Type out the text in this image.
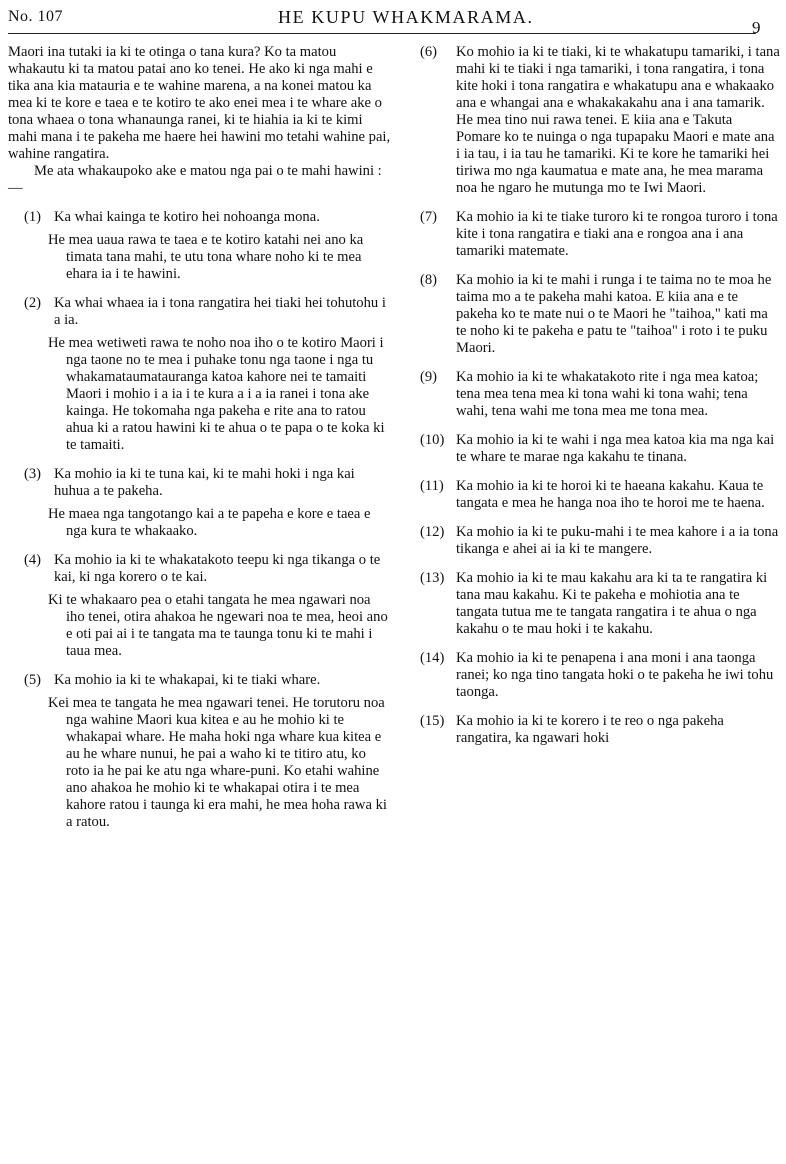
No. 107	HE KUPU WHAKMARAMA.
9

Maori ina tutaki ia ki te otinga o tana kura? Ko ta matou whakautu ki ta matou patai ano ko tenei. He ako ki nga mahi e tika ana kia matauria e te wahine marena, a na konei matou ka mea ki te kore e taea e te kotiro te ako enei mea i te whare ake o tona whaea o tona whanaunga ranei, ki te hiahia ia ki te kimi mahi mana i te pakeha me haere hei hawini mo tetahi wahine pai, wahine rangatira.

Me ata whakaupoko ake e matou nga pai o te mahi hawini :—

(1) Ka whai kainga te kotiro hei nohoanga mona.

He mea uaua rawa te taea e te kotiro katahi nei ano ka timata tana mahi, te utu tona whare noho ki te mea ehara ia i te hawini.

(2) Ka whai whaea ia i tona rangatira hei tiaki hei tohutohu i a ia.

He mea wetiweti rawa te noho noa iho o te kotiro Maori i nga taone no te mea i puhake tonu nga taone i nga tu whakamataumatauranga katoa kahore nei te tamaiti Maori i mohio i a ia i te kura a i a ia ranei i tona ake kainga. He tokomaha nga pakeha e rite ana to ratou ahua ki a ratou hawini ki te ahua o te papa o te koka ki te tamaiti.

(3) Ka mohio ia ki te tuna kai, ki te mahi hoki i nga kai huhua a te pakeha.

He maea nga tangotango kai a te papeha e kore e taea e nga kura te whakaako.

(4) Ka mohio ia ki te whakatakoto teepu ki nga tikanga o te kai, ki nga korero o te kai.

Ki te whakaaro pea o etahi tangata he mea ngawari noa iho tenei, otira ahakoa he ngewari noa te mea, heoi ano e oti pai ai i te tangata ma te taunga tonu ki te mahi i taua mea.

(5) Ka mohio ia ki te whakapai, ki te tiaki whare.

Kei mea te tangata he mea ngawari tenei. He torutoru noa nga wahine Maori kua kitea e au he mohio ki te whakapai whare. He maha hoki nga whare kua kitea e au he whare nunui, he pai a waho ki te titiro atu, ko roto ia he pai ke atu nga whare-puni. Ko etahi wahine ano ahakoa he mohio ki te whakapai otira i te mea kahore ratou i taunga ki era mahi, he mea hoha rawa ki a ratou.

(6) Ko mohio ia ki te tiaki, ki te whakatupu tamariki, i tana mahi ki te tiaki i nga tamariki, i tona rangatira, i tona kite hoki i tona rangatira e whakatupu ana e whakaako ana e whangai ana e whakakakahu ana i ana tamarik. He mea tino nui rawa tenei. E kiia ana e Takuta Pomare ko te nuinga o nga tupapaku Maori e mate ana i ia tau, i ia tau he tamariki. Ki te kore he tamariki hei tiriwa mo nga kaumatua e mate ana, he mea marama noa he ngaro he mutunga mo te Iwi Maori.

(7) Ka mohio ia ki te tiake turoro ki te rongoa turoro i tona kite i tona rangatira e tiaki ana e rongoa ana i ana tamariki matemate.

(8) Ka mohio ia ki te mahi i runga i te taima no te moa he taima mo a te pakeha mahi katoa. E kiia ana e te pakeha ko te mate nui o te Maori he "taihoa," kati ma te noho ki te pakeha e patu te "taihoa" i roto i te puku Maori.

(9) Ka mohio ia ki te whakatakoto rite i nga mea katoa; tena mea tena mea ki tona wahi ki tona wahi; tena wahi, tena wahi me tona mea me tona mea.

(10) Ka mohio ia ki te wahi i nga mea katoa kia ma nga kai te whare te marae nga kakahu te tinana.

(11) Ka mohio ia ki te horoi ki te haeana kakahu. Kaua te tangata e mea he hanga noa iho te horoi me te haena.

(12) Ka mohio ia ki te puku-mahi i te mea kahore i a ia tona tikanga e ahei ai ia ki te mangere.

(13) Ka mohio ia ki te mau kakahu ara ki ta te rangatira ki tana mau kakahu. Ki te pakeha e mohiotia ana te tangata tutua me te tangata rangatira i te ahua o nga kakahu o te mau hoki i te kakahu.

(14) Ka mohio ia ki te penapena i ana moni i ana taonga ranei; ko nga tino tangata hoki o te pakeha he iwi tohu taonga.

(15) Ka mohio ia ki te korero i te reo o nga pakeha rangatira, ka ngawari hoki
